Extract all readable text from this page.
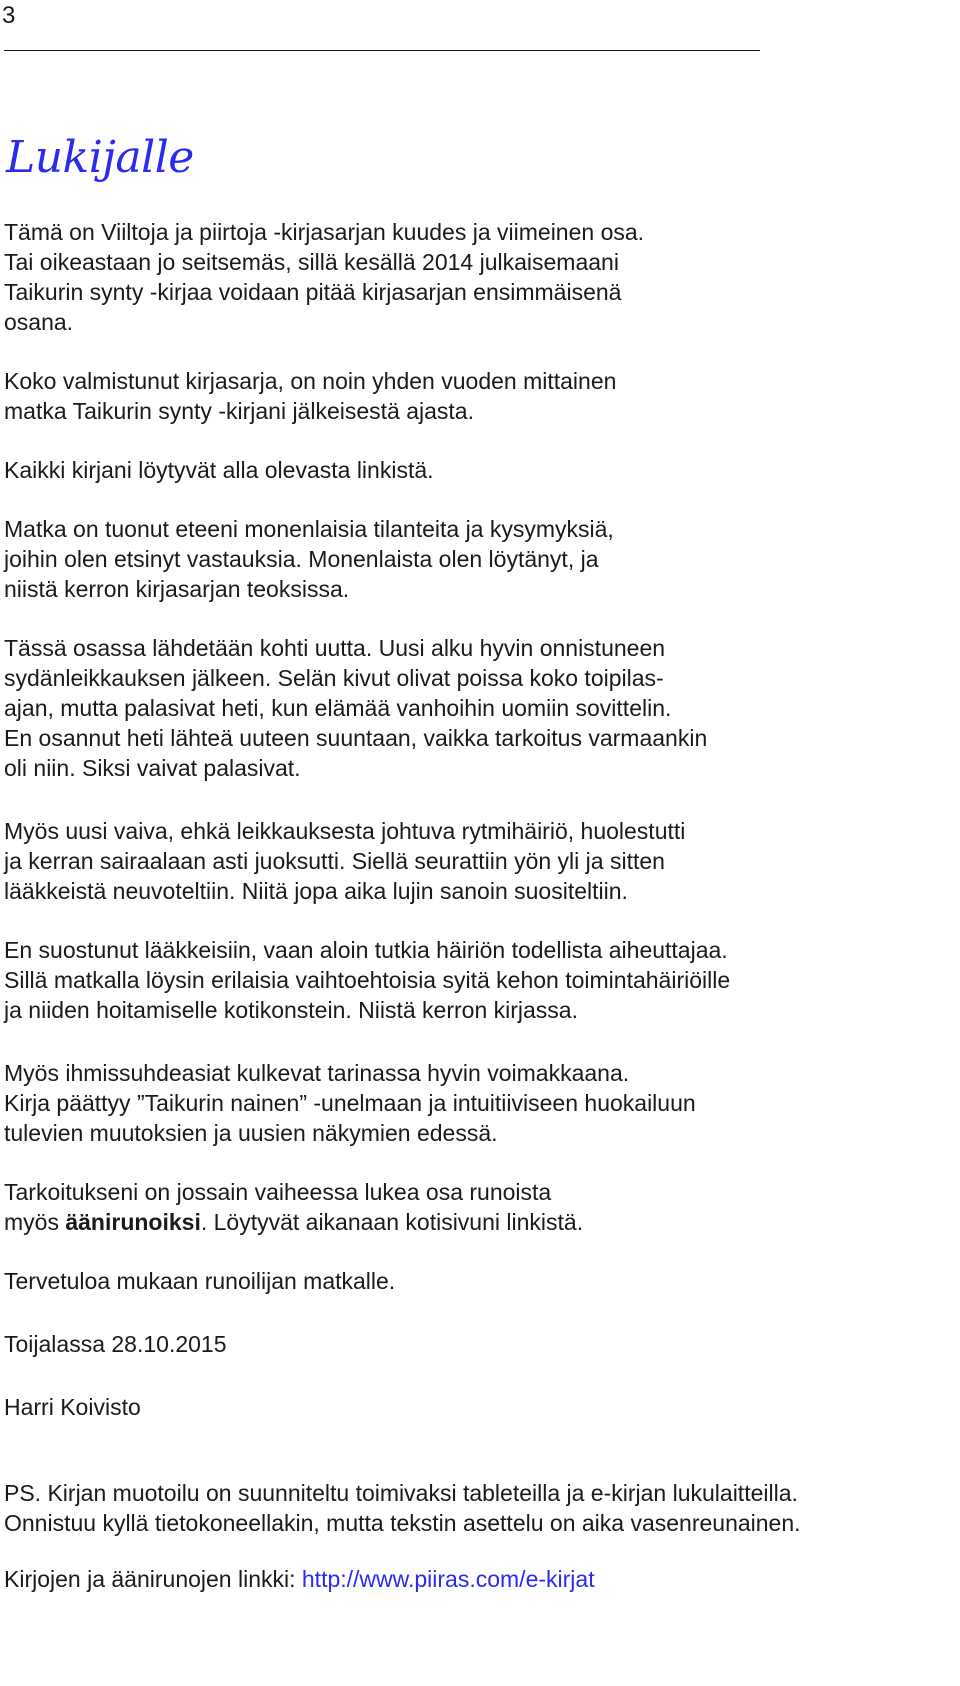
3
Lukijalle

Tämä on Viiltoja ja piirtoja -kirjasarjan kuudes ja viimeinen osa.
Tai oikeastaan jo seitsemäs, sillä kesällä 2014 julkaisemaani
Taikurin synty -kirjaa voidaan pitää kirjasarjan ensimmäisenä
osana.

Koko valmistunut kirjasarja, on noin yhden vuoden mittainen
matka Taikurin synty -kirjani jälkeisestä ajasta.

Kaikki kirjani löytyvät alla olevasta linkistä.

Matka on tuonut eteeni monenlaisia tilanteita ja kysymyksiä,
joihin olen etsinyt vastauksia. Monenlaista olen löytänyt, ja
niistä kerron kirjasarjan teoksissa.

Tässä osassa lähdetään kohti uutta. Uusi alku hyvin onnistuneen
sydänleikkauksen jälkeen. Selän kivut olivat poissa koko toipilas-
ajan, mutta palasivat heti, kun elämää vanhoihin uomiin sovittelin.
En osannut heti lähteä uuteen suuntaan, vaikka tarkoitus varmaankin
oli niin. Siksi vaivat palasivat.

Myös uusi vaiva, ehkä leikkauksesta johtuva rytmihäiriö, huolestutti
ja kerran sairaalaan asti juoksutti. Siellä seurattiin yön yli ja sitten
lääkkeistä neuvoteltiin. Niitä jopa aika lujin sanoin suositeltiin.

En suostunut lääkkeisiin, vaan aloin tutkia häiriön todellista aiheuttajaa.
Sillä matkalla löysin erilaisia vaihtoehtoisia syitä kehon toimintahäiriöille
ja niiden hoitamiselle kotikonstein. Niistä kerron kirjassa.

Myös ihmissuhdeasiat kulkevat tarinassa hyvin voimakkaana.
Kirja päättyy ”Taikurin nainen” -unelmaan ja intuitiiviseen huokailuun
tulevien muutoksien ja uusien näkymien edessä.

Tarkoitukseni on jossain vaiheessa lukea osa runoista
myös äänirunoiksi. Löytyvät aikanaan kotisivuni linkistä.

Tervetuloa mukaan runoilijan matkalle.

Toijalassa 28.10.2015

Harri Koivisto

PS. Kirjan muotoilu on suunniteltu toimivaksi tableteilla ja e-kirjan lukulaitteilla.
Onnistuu kyllä tietokoneellakin, mutta tekstin asettelu on aika vasenreunainen.

Kirjojen ja äänirunojen linkki: http://www.piiras.com/e-kirjat
